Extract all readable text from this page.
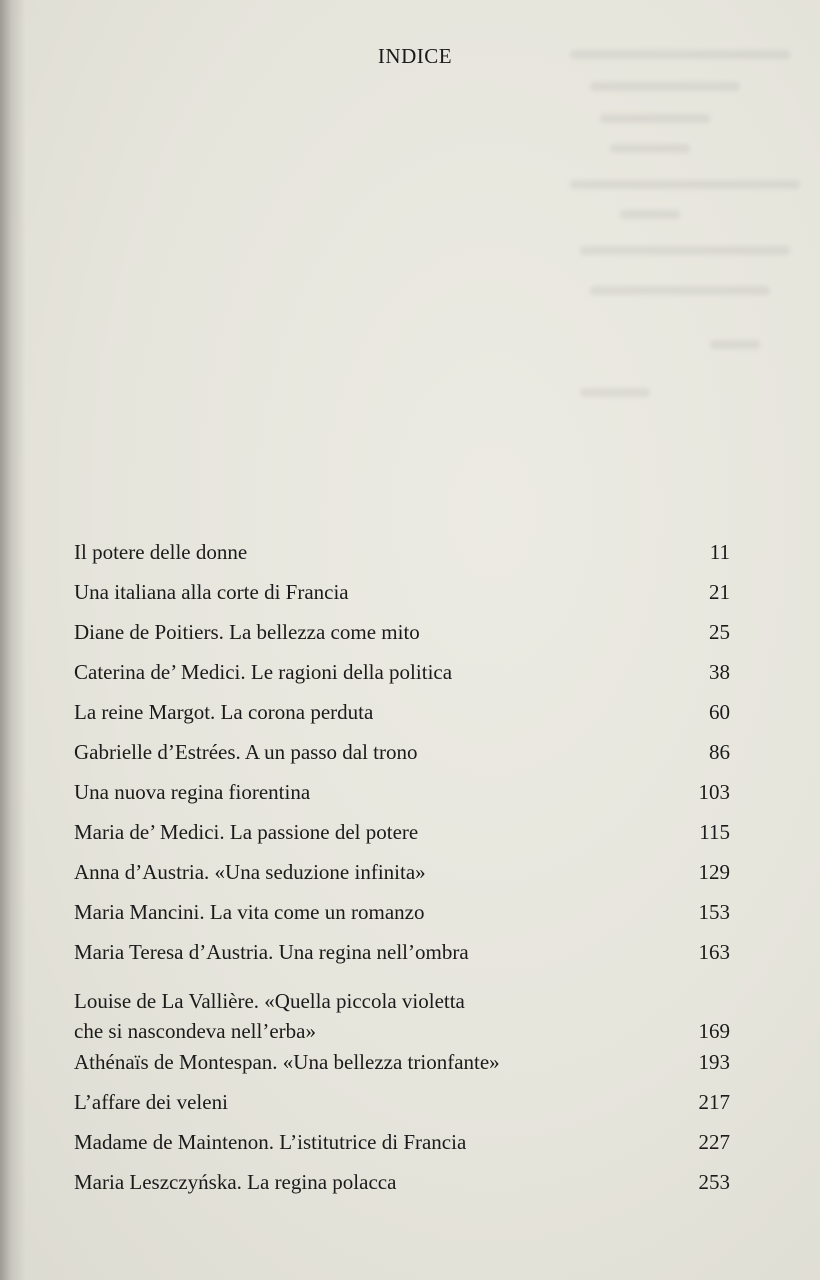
INDICE
Il potere delle donne	11
Una italiana alla corte di Francia	21
Diane de Poitiers. La bellezza come mito	25
Caterina de’ Medici. Le ragioni della politica	38
La reine Margot. La corona perduta	60
Gabrielle d’Estrées. A un passo dal trono	86
Una nuova regina fiorentina	103
Maria de’ Medici. La passione del potere	115
Anna d’Austria. «Una seduzione infinita»	129
Maria Mancini. La vita come un romanzo	153
Maria Teresa d’Austria. Una regina nell’ombra	163
Louise de La Vallière. «Quella piccola violetta
che si nascondeva nell’erba»	169
Athénaïs de Montespan. «Una bellezza trionfante»	193
L’affare dei veleni	217
Madame de Maintenon. L’istitutrice di Francia	227
Maria Leszczyńska. La regina polacca	253
